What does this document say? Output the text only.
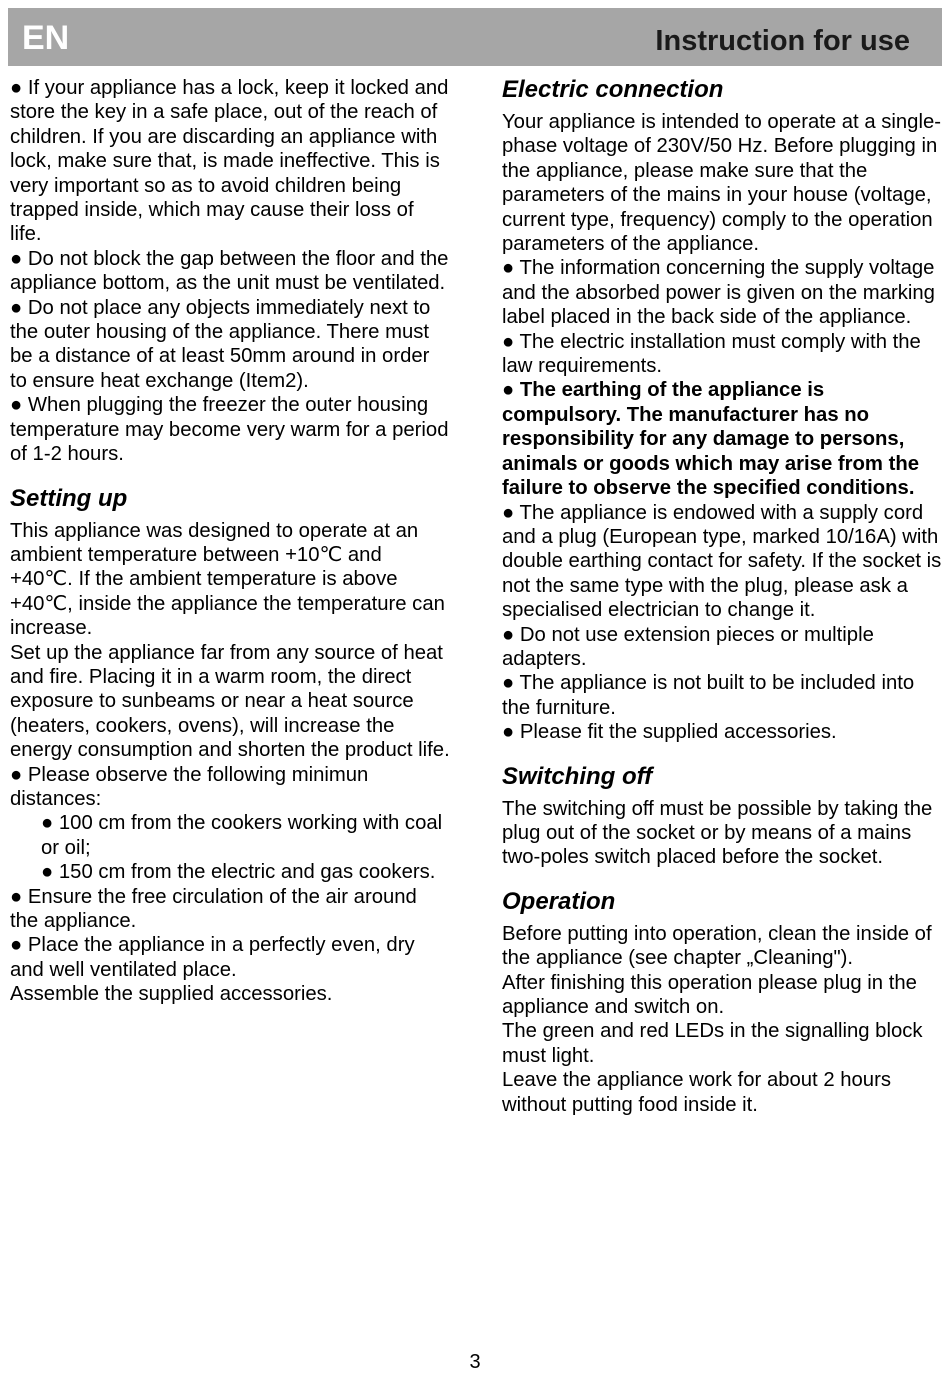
EN	Instruction for use

● If your appliance has a lock, keep it locked and store the key in a safe place, out of the reach of children. If you are discarding an appliance with lock, make sure that, is made ineffective. This is very important so as to avoid children being trapped inside, which may cause their loss of life.

● Do not block the gap between the floor and the appliance bottom, as the unit must be ventilated.

● Do not place any objects immediately next to the outer housing of the appliance. There must be a distance of at least 50mm around in order to ensure heat exchange (Item2).

● When plugging the freezer the outer housing temperature may become very warm for a period of 1-2 hours.

Setting up

This appliance was designed to operate at an ambient temperature between +10℃ and +40℃. If the ambient temperature is above +40℃, inside the appliance the temperature can increase.

Set up the appliance far from any source of heat and fire. Placing it in a warm room, the direct exposure to sunbeams or near a heat source (heaters, cookers, ovens), will increase the energy consumption and shorten the product life.

● Please observe the following minimun distances:

● 100 cm from the cookers working with coal or oil;

● 150 cm from the electric and gas cookers.

● Ensure the free circulation of the air around the appliance.

● Place the appliance in a perfectly even, dry and well ventilated place.

Assemble the supplied accessories.

Electric connection

Your appliance is intended to operate at a single-phase voltage of 230V/50 Hz. Before plugging in the appliance, please make sure that the parameters of the mains in your house (voltage, current type, frequency) comply to the operation parameters of the appliance.

● The information concerning the supply voltage and the absorbed power is given on the marking label placed in the back side of the appliance.

● The electric installation must comply with the law requirements.

● The earthing of the appliance is compulsory. The manufacturer has no responsibility for any damage to persons, animals or goods which may arise from the failure to observe the specified conditions.

● The appliance is endowed with a supply cord and a plug (European type, marked 10/16A) with double earthing contact for safety. If the socket is not the same type with the plug, please ask a specialised electrician to change it.

● Do not use extension pieces or multiple adapters.

● The appliance is not built to be included into the furniture.

● Please fit the supplied accessories.

Switching off

The switching off must be possible by taking the plug out of the socket or by means of a mains two-poles switch placed before the socket.

Operation

Before putting into operation, clean the inside of the appliance (see chapter „Cleaning").

After finishing this operation please plug in the appliance and switch on.

The green and red LEDs in the signalling block must light.

Leave the appliance work for about 2 hours without putting food inside it.

3
